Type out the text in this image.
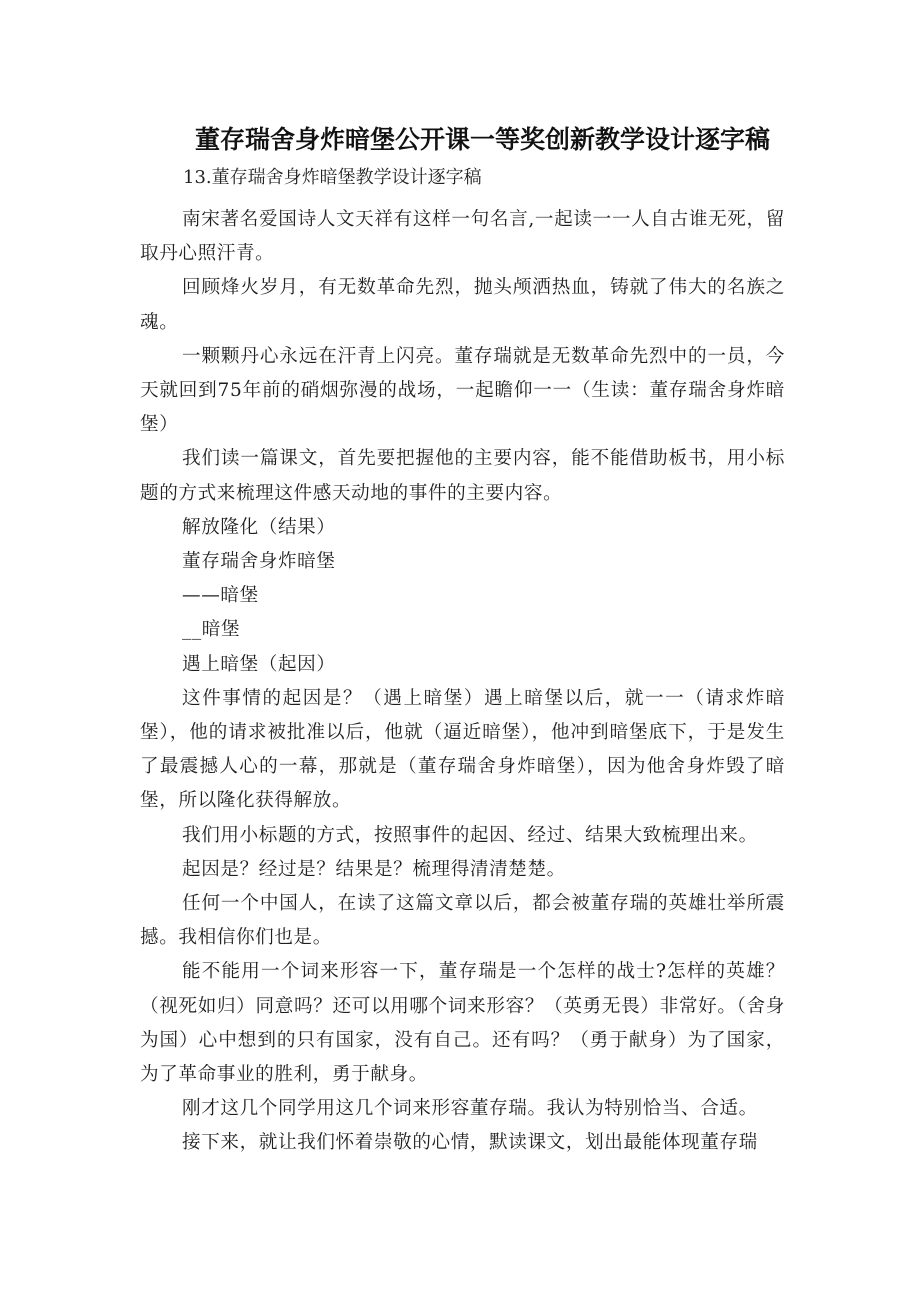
董存瑞舍身炸暗堡公开课一等奖创新教学设计逐字稿

13.董存瑞舍身炸暗堡教学设计逐字稿

南宋著名爱国诗人文天祥有这样一句名言,一起读一一人自古谁无死，留取丹心照汗青。

回顾烽火岁月，有无数革命先烈，抛头颅洒热血，铸就了伟大的名族之魂。

一颗颗丹心永远在汗青上闪亮。董存瑞就是无数革命先烈中的一员，今天就回到75年前的硝烟弥漫的战场，一起瞻仰一一（生读：董存瑞舍身炸暗堡）

我们读一篇课文，首先要把握他的主要内容，能不能借助板书，用小标题的方式来梳理这件感天动地的事件的主要内容。

解放隆化（结果）

董存瑞舍身炸暗堡

——暗堡

__暗堡

遇上暗堡（起因）

这件事情的起因是？（遇上暗堡）遇上暗堡以后，就一一（请求炸暗堡），他的请求被批准以后，他就（逼近暗堡），他冲到暗堡底下，于是发生了最震撼人心的一幕，那就是（董存瑞舍身炸暗堡），因为他舍身炸毁了暗堡，所以隆化获得解放。

我们用小标题的方式，按照事件的起因、经过、结果大致梳理出来。

起因是？经过是？结果是？梳理得清清楚楚。

任何一个中国人，在读了这篇文章以后，都会被董存瑞的英雄壮举所震撼。我相信你们也是。

能不能用一个词来形容一下，董存瑞是一个怎样的战士?怎样的英雄？（视死如归）同意吗？还可以用哪个词来形容？（英勇无畏）非常好。（舍身为国）心中想到的只有国家，没有自己。还有吗？（勇于献身）为了国家，为了革命事业的胜利，勇于献身。

刚才这几个同学用这几个词来形容董存瑞。我认为特别恰当、合适。

接下来，就让我们怀着崇敬的心情，默读课文，划出最能体现董存瑞
